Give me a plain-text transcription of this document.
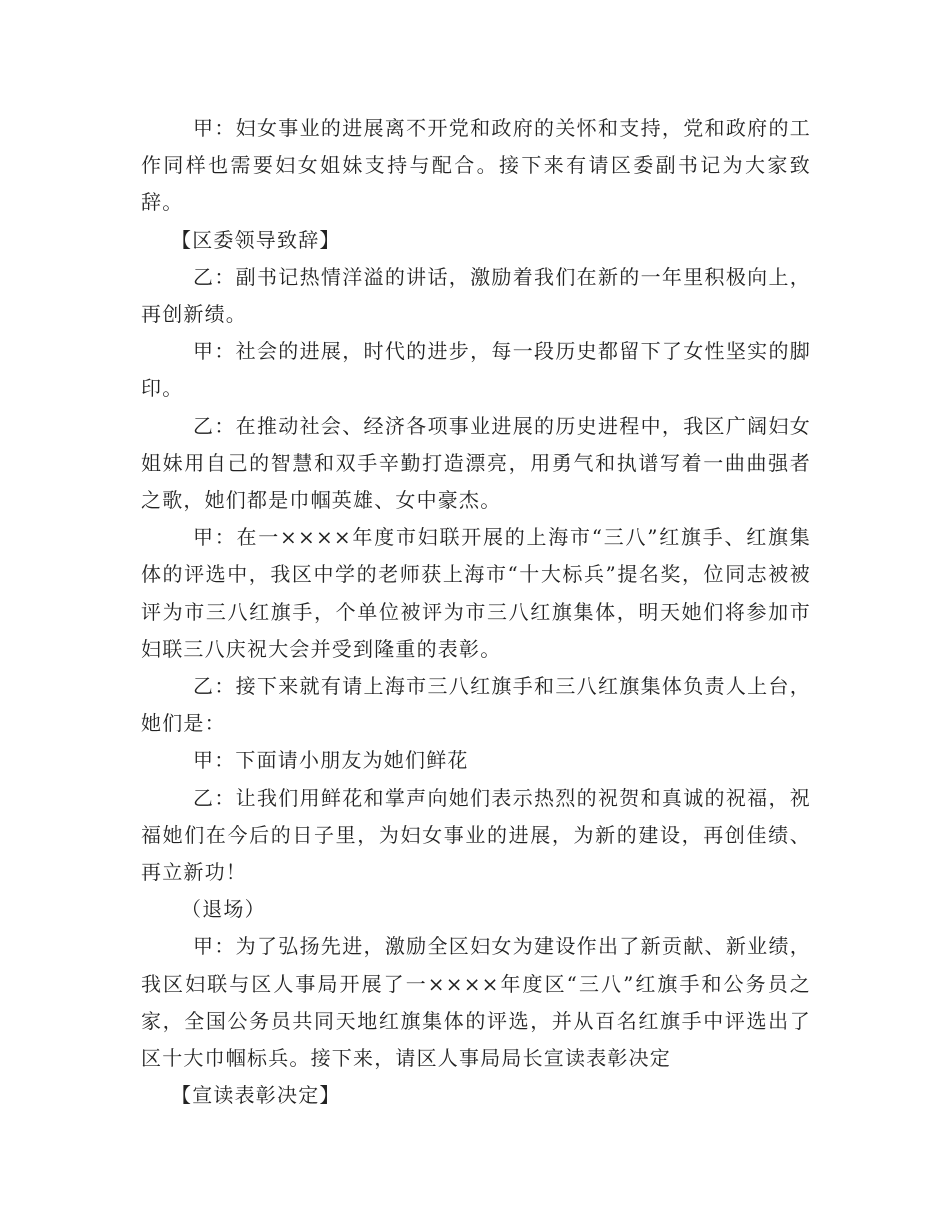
甲：妇女事业的进展离不开党和政府的关怀和支持，党和政府的工作同样也需要妇女姐妹支持与配合。接下来有请区委副书记为大家致辞。

【区委领导致辞】

乙：副书记热情洋溢的讲话，激励着我们在新的一年里积极向上，再创新绩。

甲：社会的进展，时代的进步，每一段历史都留下了女性坚实的脚印。

乙：在推动社会、经济各项事业进展的历史进程中，我区广阔妇女姐妹用自己的智慧和双手辛勤打造漂亮，用勇气和执谱写着一曲曲强者之歌，她们都是巾帼英雄、女中豪杰。

甲：在一××××年度市妇联开展的上海市“三八”红旗手、红旗集体的评选中，我区中学的老师获上海市“十大标兵”提名奖，位同志被被评为市三八红旗手，个单位被评为市三八红旗集体，明天她们将参加市妇联三八庆祝大会并受到隆重的表彰。

乙：接下来就有请上海市三八红旗手和三八红旗集体负责人上台，她们是：

甲：下面请小朋友为她们鲜花

乙：让我们用鲜花和掌声向她们表示热烈的祝贺和真诚的祝福，祝福她们在今后的日子里，为妇女事业的进展，为新的建设，再创佳绩、再立新功！

（退场）

甲：为了弘扬先进，激励全区妇女为建设作出了新贡献、新业绩，我区妇联与区人事局开展了一××××年度区“三八”红旗手和公务员之家，全国公务员共同天地红旗集体的评选，并从百名红旗手中评选出了区十大巾帼标兵。接下来，请区人事局局长宣读表彰决定

【宣读表彰决定】
